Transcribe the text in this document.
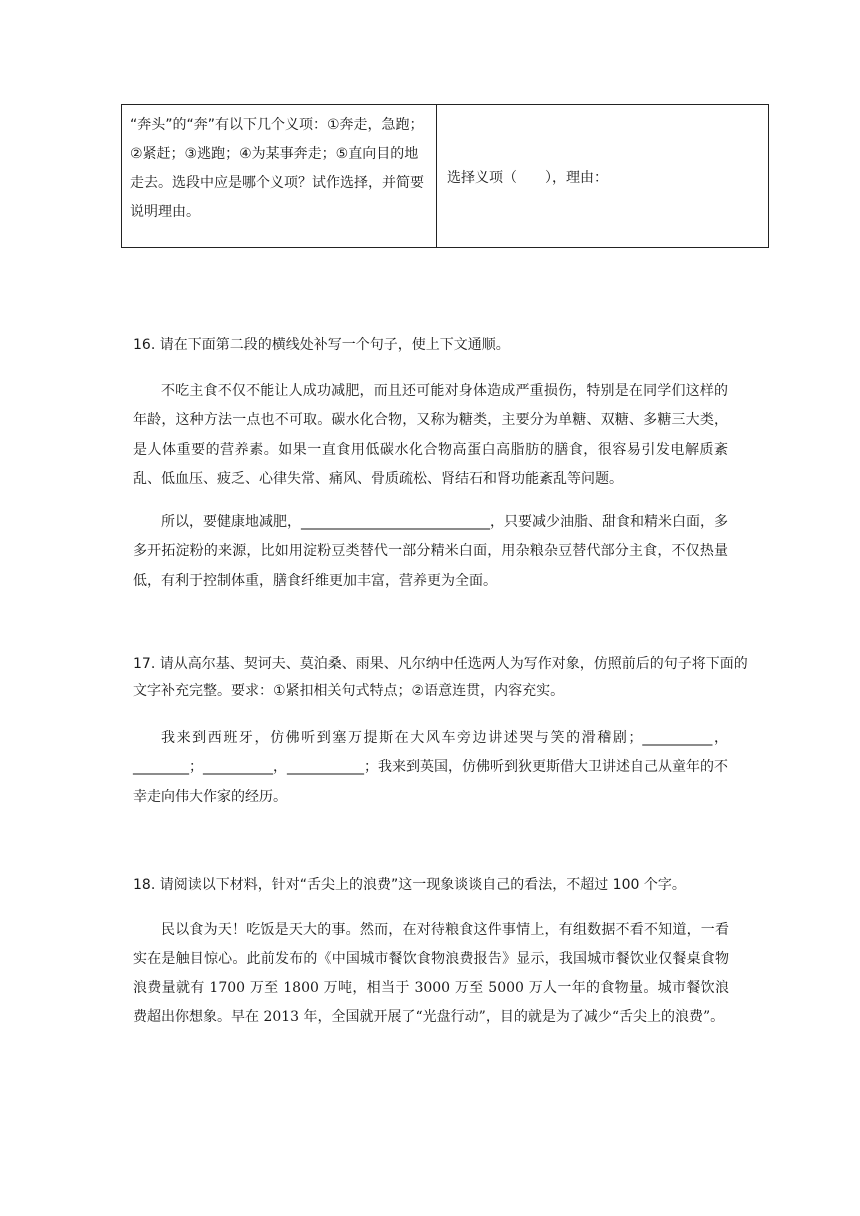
“奔头”的“奔”有以下几个义项：①奔走，急跑；②紧赶；③逃跑；④为某事奔走；⑤直向目的地走去。选段中应是哪个义项？试作选择，并简要说明理由。
选择义项（　　），理由：
16. 请在下面第二段的横线处补写一个句子，使上下文通顺。
不吃主食不仅不能让人成功减肥，而且还可能对身体造成严重损伤，特别是在同学们这样的年龄，这种方法一点也不可取。碳水化合物，又称为糖类，主要分为单糖、双糖、多糖三大类，是人体重要的营养素。如果一直食用低碳水化合物高蛋白高脂肪的膳食，很容易引发电解质紊乱、低血压、疲乏、心律失常、痛风、骨质疏松、肾结石和肾功能紊乱等问题。
所以，要健康地减肥，___________________________，只要减少油脂、甜食和精米白面，多多开拓淀粉的来源，比如用淀粉豆类替代一部分精米白面，用杂粮杂豆替代部分主食，不仅热量低，有利于控制体重，膳食纤维更加丰富，营养更为全面。
17. 请从高尔基、契诃夫、莫泊桑、雨果、凡尔纳中任选两人为写作对象，仿照前后的句子将下面的文字补充完整。要求：①紧扣相关句式特点；②语意连贯，内容充实。
我来到西班牙，仿佛听到塞万提斯在大风车旁边讲述哭与笑的滑稽剧；__________，________；__________，___________；我来到英国，仿佛听到狄更斯借大卫讲述自己从童年的不幸走向伟大作家的经历。
18. 请阅读以下材料，针对“舌尖上的浪费”这一现象谈谈自己的看法，不超过 100 个字。
民以食为天！吃饭是天大的事。然而，在对待粮食这件事情上，有组数据不看不知道，一看实在是触目惊心。此前发布的《中国城市餐饮食物浪费报告》显示，我国城市餐饮业仅餐桌食物浪费量就有 1700 万至 1800 万吨，相当于 3000 万至 5000 万人一年的食物量。城市餐饮浪费超出你想象。早在 2013 年，全国就开展了“光盘行动”，目的就是为了减少“舌尖上的浪费”。
